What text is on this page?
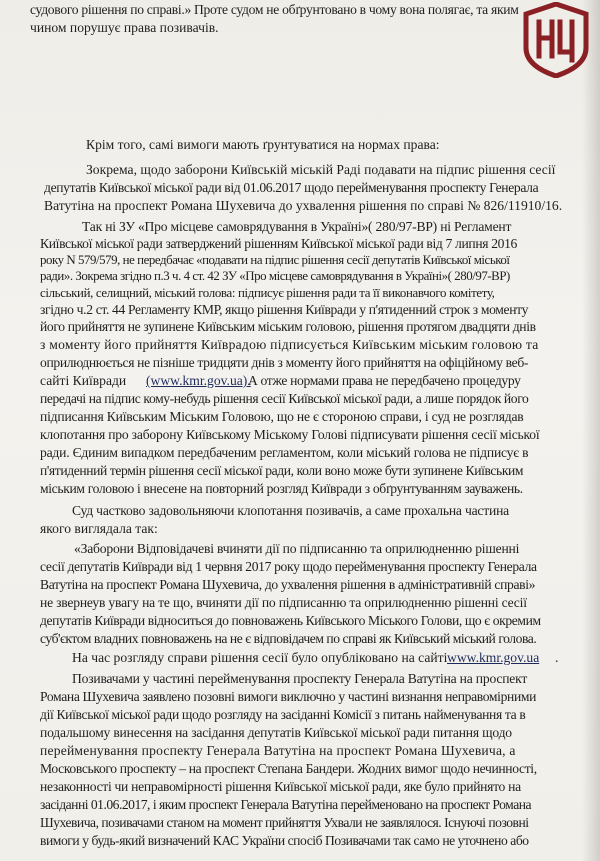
судового рішення по справі.» Проте судом не обґрунтовано в чому вона полягає, та яким
чином порушує права позивачів.
Крім того, самі вимоги мають ґрунтуватися на нормах права:
Зокрема, щодо заборони Київській міській Раді подавати на підпис рішення сесії
депутатів Київської міської ради від 01.06.2017 щодо перейменування проспекту Генерала
Ватутіна на проспект Романа Шухевича до ухвалення рішення по справі № 826/11910/16.
Так ні ЗУ «Про місцеве самоврядування в Україні»( 280/97-ВР) ні Регламент
Київської міської ради затверджений рішенням Київської міської ради від 7 липня 2016
року N 579/579, не передбачає «подавати на підпис рішення сесії депутатів Київської міської
ради». Зокрема згідно п.3 ч. 4 ст. 42 ЗУ «Про місцеве самоврядування в Україні»( 280/97-ВР)
сільський, селищний, міський голова: підписує рішення ради та її виконавчого комітету,
згідно ч.2 ст. 44 Регламенту КМР, якщо рішення Київради у п'ятиденний строк з моменту
його прийняття не зупинене Київським міським головою, рішення протягом двадцяти днів
з моменту його прийняття Київрадою підписується Київським міським головою та
оприлюднюється не пізніше тридцяти днів з моменту його прийняття на офіційному веб-
сайті Київради (www.kmr.gov.ua).
А отже нормами права не передбачено процедуру
передачі на підпис кому-небудь рішення сесії Київської міської ради, а лише порядок його
підписання Київським Міським Головою, що не є стороною справи, і суд не розглядав
клопотання про заборону Київському Міському Голові підписувати рішення сесії міської
ради. Єдиним випадком передбаченим регламентом, коли міський голова не підписує в
п'ятиденний термін рішення сесії міської ради, коли воно може бути зупинене Київським
міським головою і внесене на повторний розгляд Київради з обґрунтуванням зауважень.
Суд частково задовольняючи клопотання позивачів, а саме прохальна частина
якого виглядала так:
«Заборони Відповідачеві вчиняти дії по підписанню та оприлюдненню рішенні
сесії депутатів Київради від 1 червня 2017 року щодо перейменування проспекту Генерала
Ватутіна на проспект Романа Шухевича, до ухвалення рішення в адміністративній справі»
не звернеув увагу на те що, вчиняти дії по підписанню та оприлюдненню рішенні сесії
депутатів Київради відноситься до повноважень Київського Міського Голови, що є окремим
суб'єктом владних повноважень на не є відповідачем по справі як Київський міський голова.
На час розгляду справи рішення сесії було опубліковано на сайті www.kmr.gov.ua .
Позивачами у частині перейменування проспекту Генерала Ватутіна на проспект
Романа Шухевича заявлено позовні вимоги виключно у частині визнання неправомірними
дії Київської міської ради щодо розгляду на засіданні Комісії з питань найменування та в
подальшому винесення на засідання депутатів Київської міської ради питання щодо
перейменування проспекту Генерала Ватутіна на проспект Романа Шухевича, а
Московського проспекту – на проспект Степана Бандери. Жодних вимог щодо нечинності,
незаконності чи неправомірності рішення Київської міської ради, яке було прийнято на
засіданні 01.06.2017, і яким проспект Генерала Ватутіна перейменовано на проспект Романа
Шухевича, позивачами станом на момент прийняття Ухвали не заявлялося. Існуючі позовні
вимоги у будь-який визначений КАС України спосіб Позивачами так само не уточнено або
